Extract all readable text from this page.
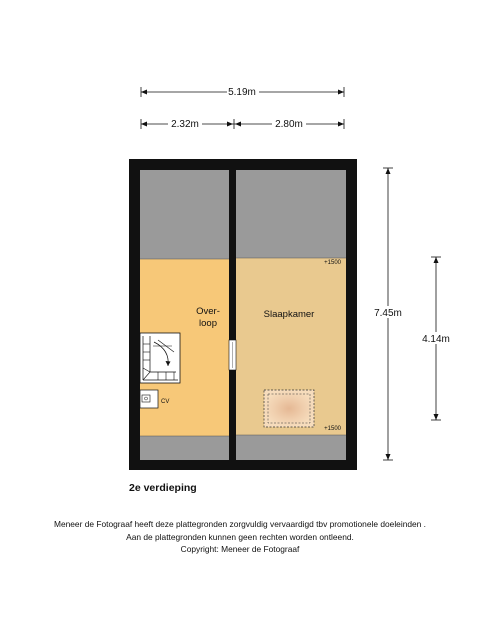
5.19m
2.32m	2.80m
7.45m
4.14m
CV
Over-
loop
Slaapkamer
+1500
+1500
2e verdieping
Meneer de Fotograaf heeft deze plattegronden zorgvuldig vervaardigd tbv promotionele doeleinden .
Aan de plattegronden kunnen geen rechten worden ontleend.
Copyright: Meneer de Fotograaf
